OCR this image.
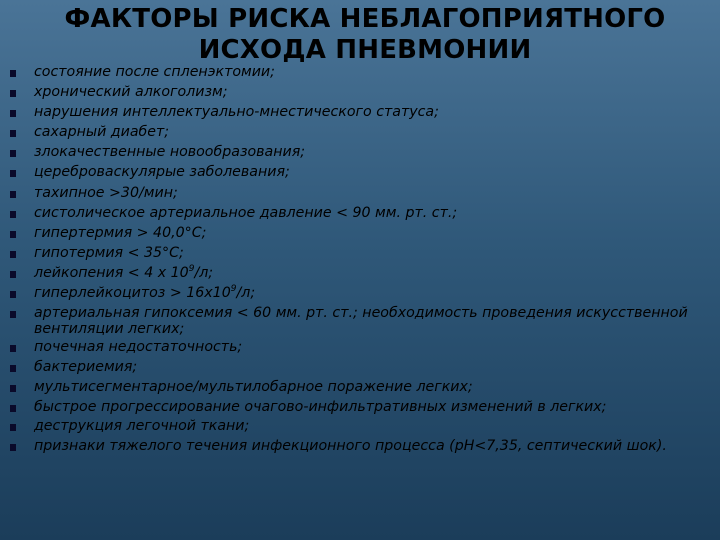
ФАКТОРЫ РИСКА НЕБЛАГОПРИЯТНОГО
ИСХОДА ПНЕВМОНИИ
состояние после спленэктомии;
хронический алкоголизм;
нарушения интеллектуально-мнестического статуса;
сахарный диабет;
злокачественные новообразования;
цереброваскулярые заболевания;
тахипное >30/мин;
систолическое артериальное давление < 90 мм. рт. ст.;
гипертермия > 40,0°С;
гипотермия < 35°С;
лейкопения < 4 х $10^9/л$;
гиперлейкоцитоз > $16х10^9/л$;
артериальная гипоксемия < 60 мм. рт. ст.; необходимость проведения искусственной вентиляции легких;
почечная недостаточность;
бактериемия;
мультисегментарное/мультилобарное поражение легких;
быстрое прогрессирование очагово-инфильтративных изменений в легких;
деструкция легочной ткани;
признаки тяжелого течения инфекционного процесса (рН<7,35, септический шок).
